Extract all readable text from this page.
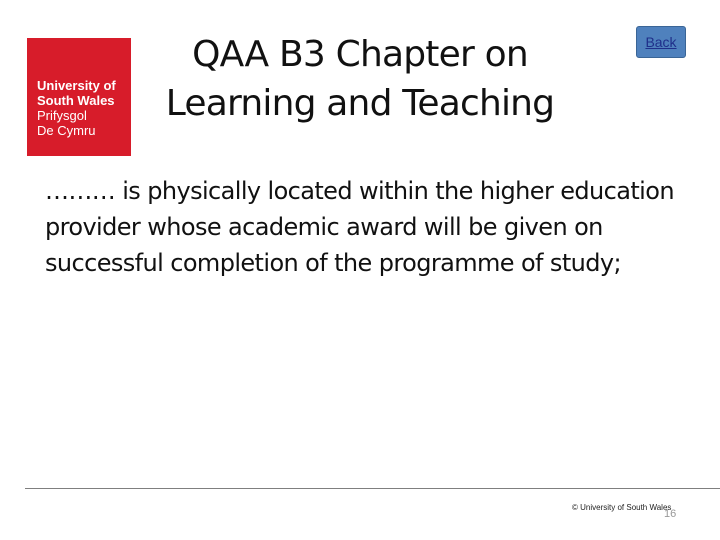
University of
South Wales
Prifysgol
De Cymru
QAA B3 Chapter on Learning and Teaching
Back

……… is physically located within the higher education provider whose academic award will be given on successful completion of the programme of study;

© University of South Wales
16
